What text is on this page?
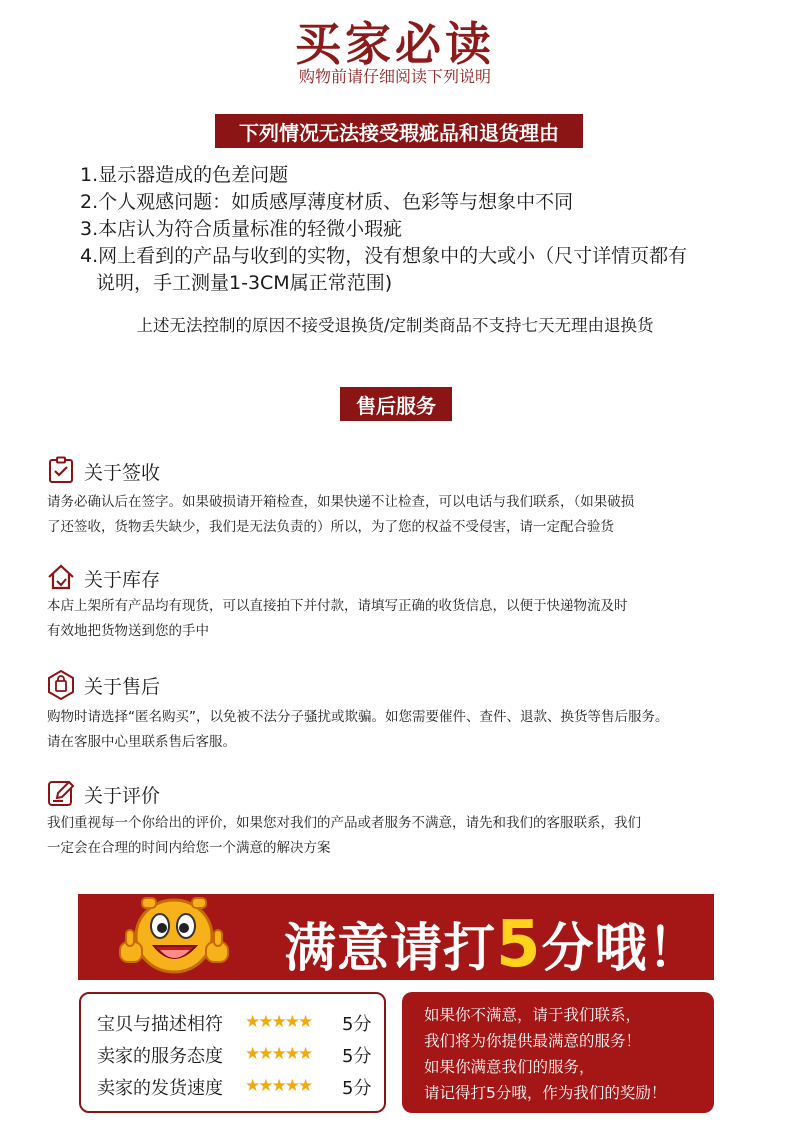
买家必读
购物前请仔细阅读下列说明
下列情况无法接受瑕疵品和退货理由
1.显示器造成的色差问题
2.个人观感问题：如质感厚薄度材质、色彩等与想象中不同
3.本店认为符合质量标准的轻微小瑕疵
4.网上看到的产品与收到的实物，没有想象中的大或小（尺寸详情页都有
说明，手工测量1-3CM属正常范围)
上述无法控制的原因不接受退换货/定制类商品不支持七天无理由退换货
售后服务
关于签收
请务必确认后在签字。如果破损请开箱检查，如果快递不让检查，可以电话与我们联系，（如果破损
了还签收，货物丢失缺少，我们是无法负责的）所以，为了您的权益不受侵害，请一定配合验货
关于库存
本店上架所有产品均有现货，可以直接拍下并付款，请填写正确的收货信息，以便于快递物流及时
有效地把货物送到您的手中
关于售后
购物时请选择“匿名购买”，以免被不法分子骚扰或欺骗。如您需要催件、查件、退款、换货等售后服务。
请在客服中心里联系售后客服。
关于评价
我们重视每一个你给出的评价，如果您对我们的产品或者服务不满意，请先和我们的客服联系，我们
一定会在合理的时间内给您一个满意的解决方案
满意请打5分哦！
宝贝与描述相符 ★★★★★ 5分
卖家的服务态度 ★★★★★ 5分
卖家的发货速度 ★★★★★ 5分
如果你不满意，请于我们联系，
我们将为你提供最满意的服务！
如果你满意我们的服务，
请记得打5分哦，作为我们的奖励！
